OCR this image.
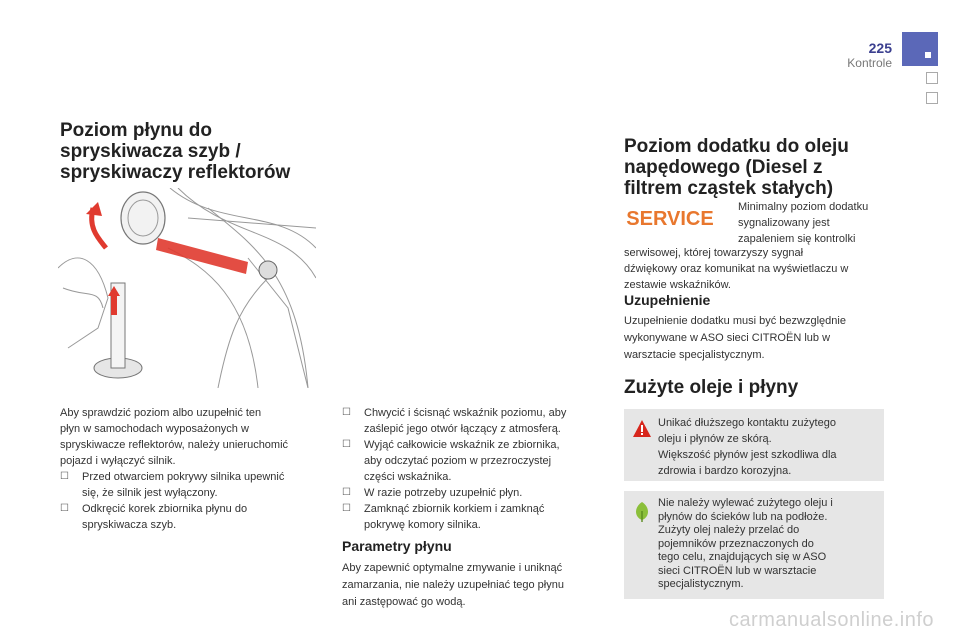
225
Kontrole
Poziom płynu do
spryskiwacza szyb /
spryskiwaczy reflektorów
Aby sprawdzić poziom albo uzupełnić ten
płyn w samochodach wyposażonych w
spryskiwacze reflektorów, należy unieruchomić
pojazd i wyłączyć silnik.
☐ Przed otwarciem pokrywy silnika upewnić
się, że silnik jest wyłączony.
☐ Odkręcić korek zbiornika płynu do
spryskiwacza szyb.
☐ Chwycić i ścisnąć wskaźnik poziomu, aby
zaślepić jego otwór łączący z atmosferą.
☐ Wyjąć całkowicie wskaźnik ze zbiornika,
aby odczytać poziom w przezroczystej
części wskaźnika.
☐ W razie potrzeby uzupełnić płyn.
☐ Zamknąć zbiornik korkiem i zamknąć
pokrywę komory silnika.
Parametry płynu
Aby zapewnić optymalne zmywanie i uniknąć
zamarzania, nie należy uzupełniać tego płynu
ani zastępować go wodą.
Poziom dodatku do oleju
napędowego (Diesel z
filtrem cząstek stałych)
SERVICE
Minimalny poziom dodatku
sygnalizowany jest
zapaleniem się kontrolki
serwisowej, której towarzyszy sygnał
dźwiękowy oraz komunikat na wyświetlaczu w
zestawie wskaźników.
Uzupełnienie
Uzupełnienie dodatku musi być bezwzględnie
wykonywane w ASO sieci CITROËN lub w
warsztacie specjalistycznym.
Zużyte oleje i płyny
Unikać dłuższego kontaktu zużytego
oleju i płynów ze skórą.
Większość płynów jest szkodliwa dla
zdrowia i bardzo korozyjna.
Nie należy wylewać zużytego oleju i
płynów do ścieków lub na podłoże.
Zużyty olej należy przelać do
pojemników przeznaczonych do
tego celu, znajdujących się w ASO
sieci CITROËN lub w warsztacie
specjalistycznym.
carmanualsonline.info
